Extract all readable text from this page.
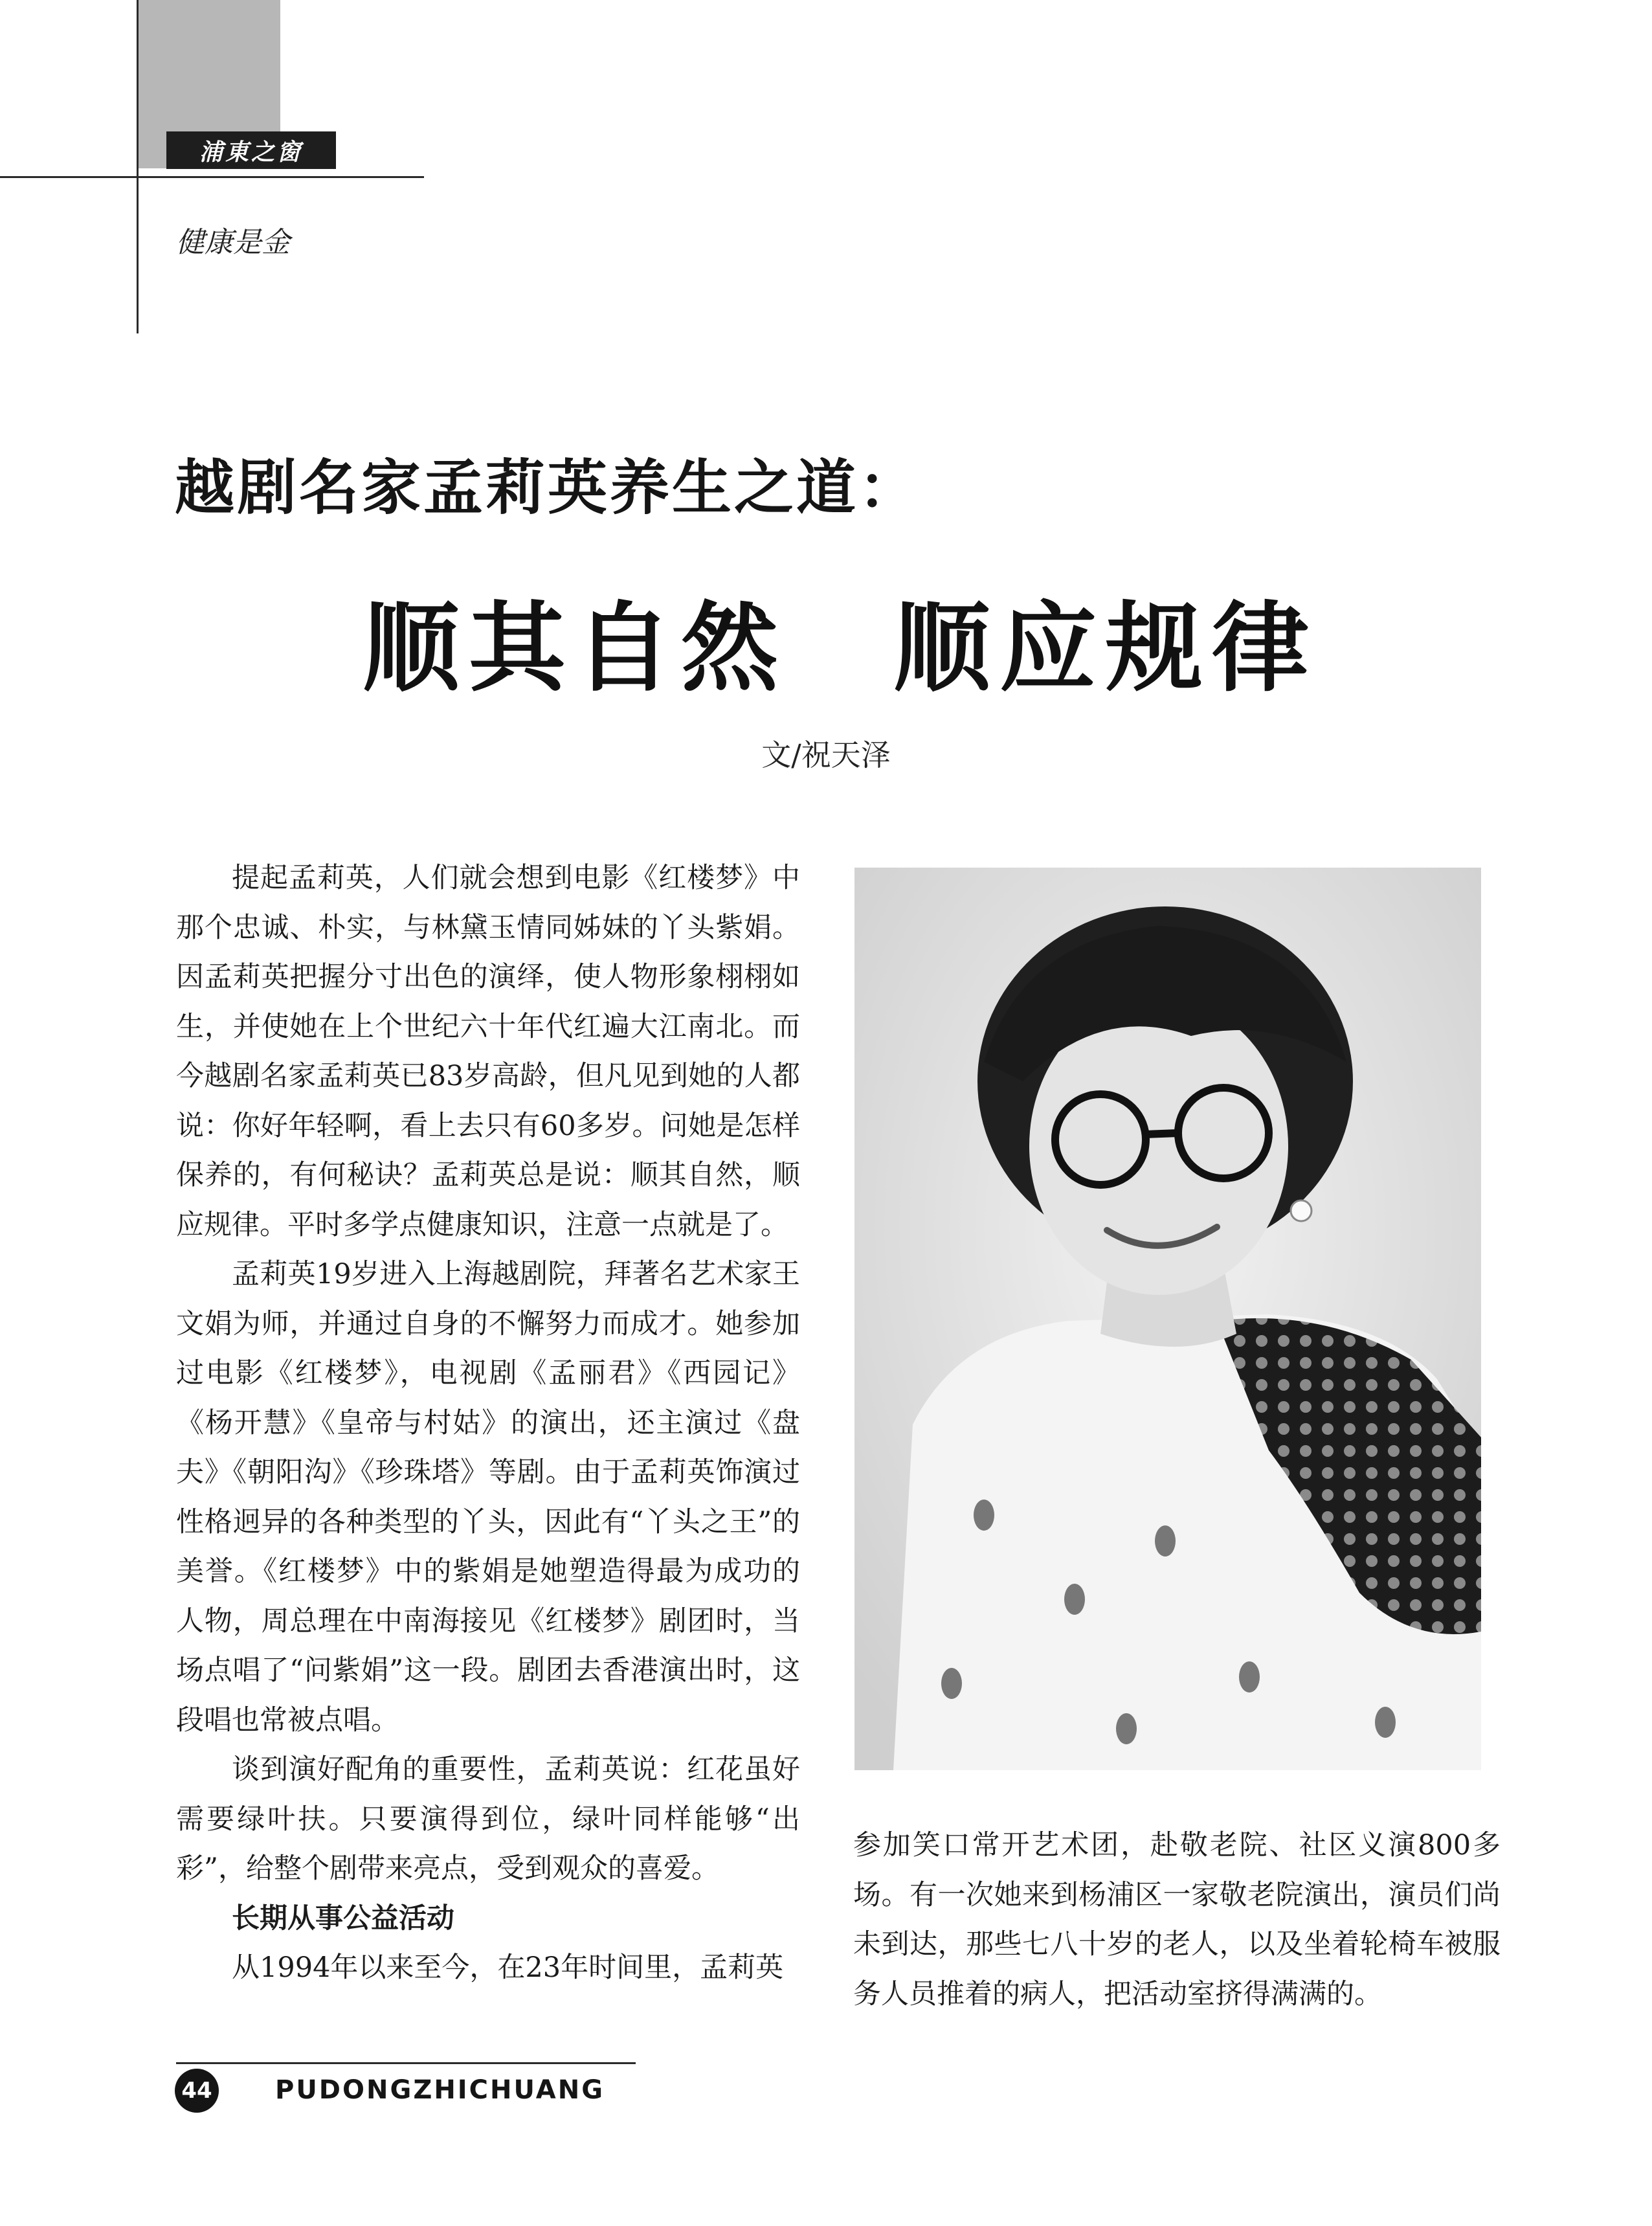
浦東之窗
健康是金
越剧名家孟莉英养生之道：
顺其自然　顺应规律
文/祝天泽

提起孟莉英，人们就会想到电影《红楼梦》中那个忠诚、朴实，与林黛玉情同姊妹的丫头紫娟。因孟莉英把握分寸出色的演绎，使人物形象栩栩如生，并使她在上个世纪六十年代红遍大江南北。而今越剧名家孟莉英已83岁高龄，但凡见到她的人都说：你好年轻啊，看上去只有60多岁。问她是怎样保养的，有何秘诀？孟莉英总是说：顺其自然，顺应规律。平时多学点健康知识，注意一点就是了。

孟莉英19岁进入上海越剧院，拜著名艺术家王文娟为师，并通过自身的不懈努力而成才。她参加过电影《红楼梦》，电视剧《孟丽君》《西园记》《杨开慧》《皇帝与村姑》的演出，还主演过《盘夫》《朝阳沟》《珍珠塔》等剧。由于孟莉英饰演过性格迥异的各种类型的丫头，因此有“丫头之王”的美誉。《红楼梦》中的紫娟是她塑造得最为成功的人物，周总理在中南海接见《红楼梦》剧团时，当场点唱了“问紫娟”这一段。剧团去香港演出时，这段唱也常被点唱。

谈到演好配角的重要性，孟莉英说：红花虽好需要绿叶扶。只要演得到位，绿叶同样能够“出彩”，给整个剧带来亮点，受到观众的喜爱。

长期从事公益活动

从1994年以来至今，在23年时间里，孟莉英

参加笑口常开艺术团，赴敬老院、社区义演800多场。有一次她来到杨浦区一家敬老院演出，演员们尚未到达，那些七八十岁的老人，以及坐着轮椅车被服务人员推着的病人，把活动室挤得满满的。

44 PUDONGZHICHUANG
